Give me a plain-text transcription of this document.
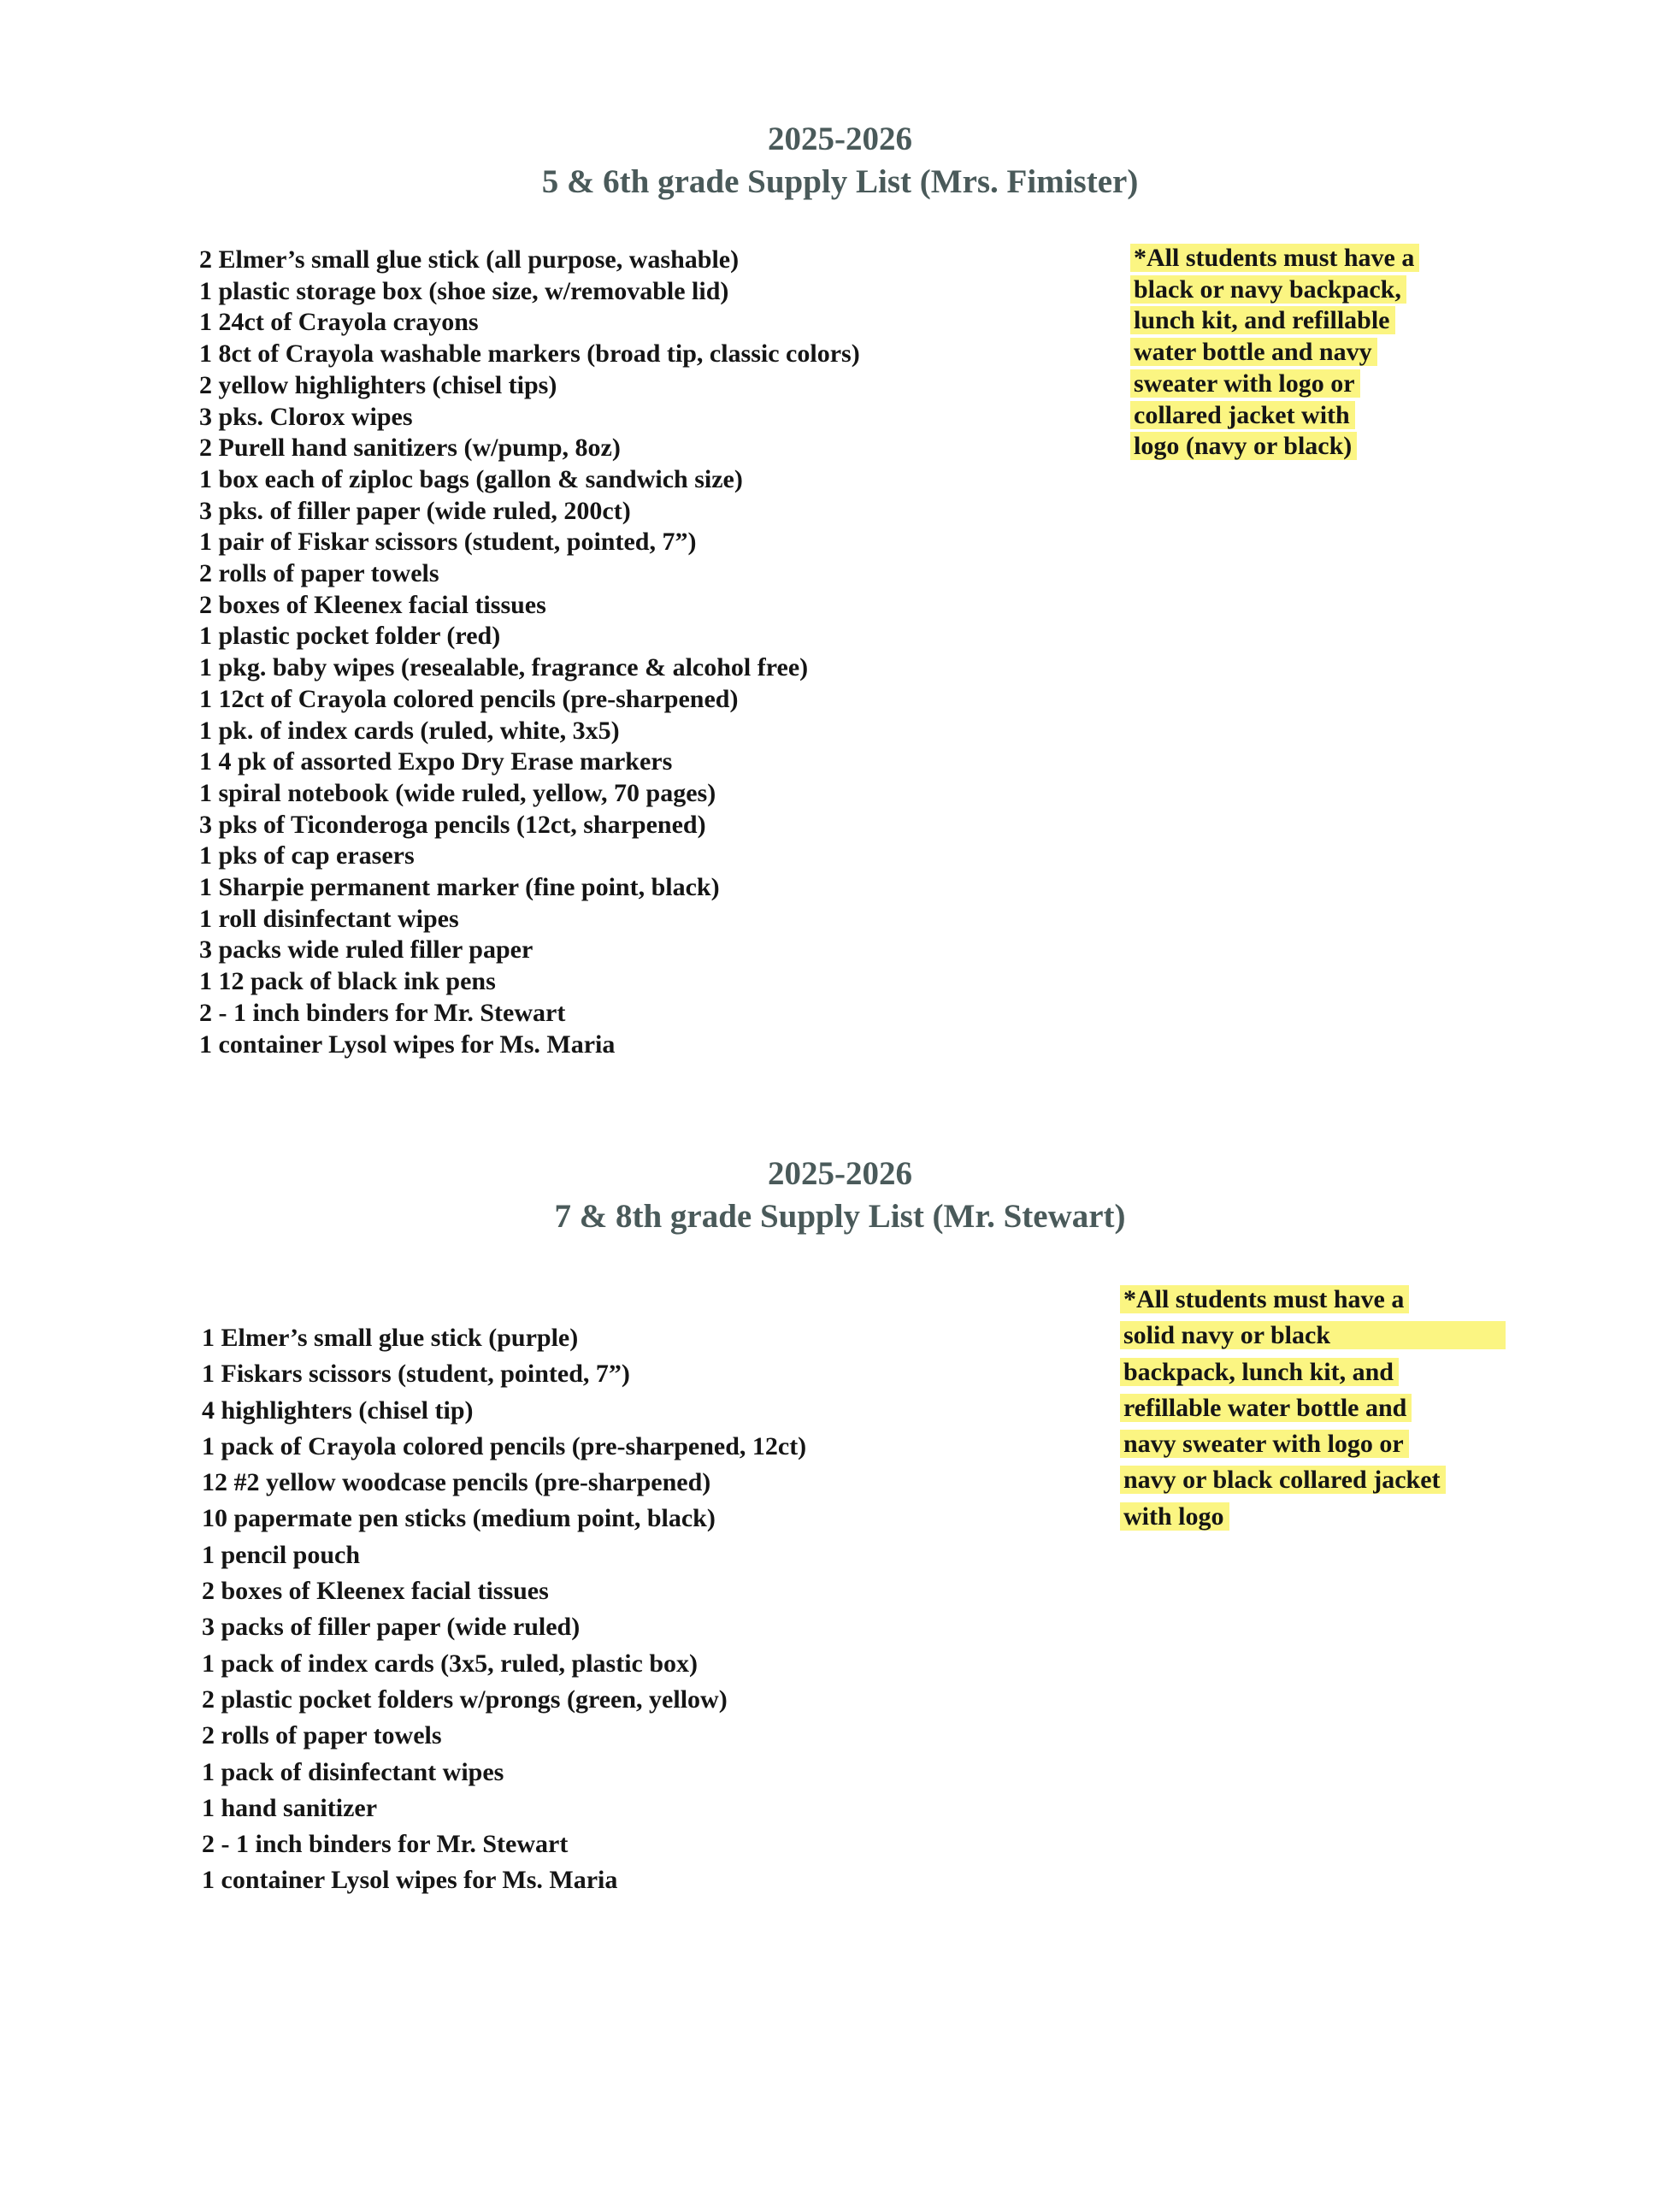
2025-2026
5 & 6th grade Supply List (Mrs. Fimister)
2 Elmer’s small glue stick (all purpose, washable)
1 plastic storage box (shoe size, w/removable lid)
1 24ct of Crayola crayons
1 8ct of Crayola washable markers (broad tip, classic colors)
2 yellow highlighters (chisel tips)
3 pks. Clorox wipes
2 Purell hand sanitizers (w/pump, 8oz)
1 box each of ziploc bags (gallon & sandwich size)
3 pks. of filler paper (wide ruled, 200ct)
1 pair of Fiskar scissors (student, pointed, 7”)
2 rolls of paper towels
2 boxes of Kleenex facial tissues
1 plastic pocket folder (red)
1 pkg. baby wipes (resealable, fragrance & alcohol free)
1 12ct of Crayola colored pencils (pre-sharpened)
1 pk. of index cards (ruled, white, 3x5)
1 4 pk of assorted Expo Dry Erase markers
1 spiral notebook (wide ruled, yellow, 70 pages)
3 pks of Ticonderoga pencils (12ct, sharpened)
1 pks of cap erasers
1 Sharpie permanent marker (fine point, black)
1 roll disinfectant wipes
3 packs wide ruled filler paper
1 12 pack of black ink pens
2 - 1 inch binders for Mr. Stewart
1 container Lysol wipes for Ms. Maria
*All students must have a
black or navy backpack,
lunch kit, and refillable
water bottle and navy
sweater with logo or
collared jacket with
logo (navy or black)
2025-2026
7 & 8th grade Supply List (Mr. Stewart)
*All students must have a
solid navy or black
backpack, lunch kit, and
refillable water bottle and
navy sweater with logo or
navy or black collared jacket
with logo
1 Elmer’s small glue stick (purple)
1 Fiskars scissors (student, pointed, 7”)
4 highlighters (chisel tip)
1 pack of Crayola colored pencils (pre-sharpened, 12ct)
12 #2 yellow woodcase pencils (pre-sharpened)
10 papermate pen sticks (medium point, black)
1 pencil pouch
2 boxes of Kleenex facial tissues
3 packs of filler paper (wide ruled)
1 pack of index cards (3x5, ruled, plastic box)
2 plastic pocket folders w/prongs (green, yellow)
2 rolls of paper towels
1 pack of disinfectant wipes
1 hand sanitizer
2 - 1 inch binders for Mr. Stewart
1 container Lysol wipes for Ms. Maria
